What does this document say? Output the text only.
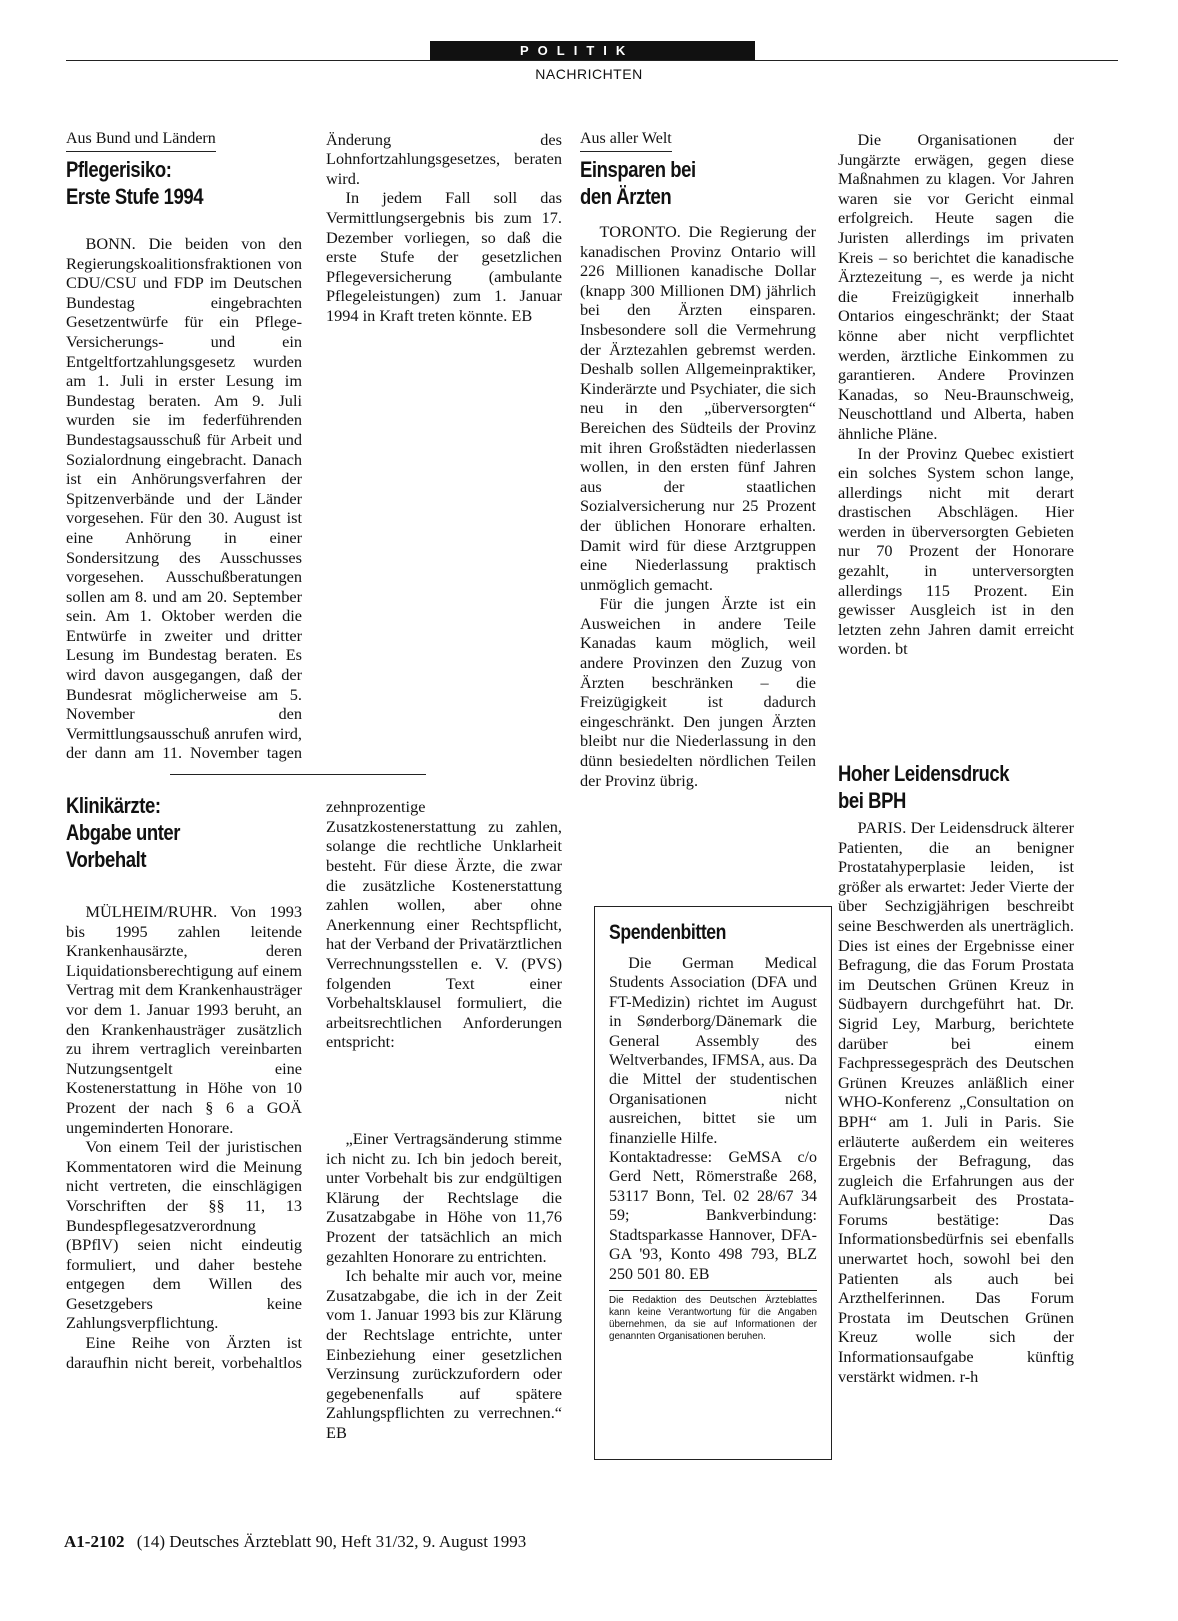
POLITIK
NACHRICHTEN
Aus Bund und Ländern
Pflegerisiko:
Erste Stufe 1994

BONN. Die beiden von den Regierungskoalitionsfraktionen von CDU/CSU und FDP im Deutschen Bundestag eingebrachten Gesetzentwürfe für ein Pflege-Versicherungs- und ein Entgeltfortzahlungsgesetz wurden am 1. Juli in erster Lesung im Bundestag beraten. Am 9. Juli wurden sie im federführenden Bundestagsausschuß für Arbeit und Sozialordnung eingebracht. Danach ist ein Anhörungsverfahren der Spitzenverbände und der Länder vorgesehen. Für den 30. August ist eine Anhörung in einer Sondersitzung des Ausschusses vorgesehen. Ausschußberatungen sollen am 8. und am 20. September sein. Am 1. Oktober werden die Entwürfe in zweiter und dritter Lesung im Bundestag beraten. Es wird davon ausgegangen, daß der Bundesrat möglicherweise am 5. November den Vermittlungsausschuß anrufen wird, der dann am 11. November tagen

Änderung des Lohnfortzahlungsgesetzes, beraten wird.

In jedem Fall soll das Vermittlungsergebnis bis zum 17. Dezember vorliegen, so daß die erste Stufe der gesetzlichen Pflegeversicherung (ambulante Pflegeleistungen) zum 1. Januar 1994 in Kraft treten könnte. EB

Klinikärzte:
Abgabe unter
Vorbehalt

MÜLHEIM/RUHR. Von 1993 bis 1995 zahlen leitende Krankenhausärzte, deren Liquidationsberechtigung auf einem Vertrag mit dem Krankenhausträger vor dem 1. Januar 1993 beruht, an den Krankenhausträger zusätzlich zu ihrem vertraglich vereinbarten Nutzungsentgelt eine Kostenerstattung in Höhe von 10 Prozent der nach § 6 a GOÄ ungeminderten Honorare.

Von einem Teil der juristischen Kommentatoren wird die Meinung nicht vertreten, die einschlägigen Vorschriften der §§ 11, 13 Bundespflegesatzverordnung (BPflV) seien nicht eindeutig formuliert, und daher bestehe entgegen dem Willen des Gesetzgebers keine Zahlungsverpflichtung.

Eine Reihe von Ärzten ist daraufhin nicht bereit, vorbehaltlos

zehnprozentige Zusatzkostenerstattung zu zahlen, solange die rechtliche Unklarheit besteht. Für diese Ärzte, die zwar die zusätzliche Kostenerstattung zahlen wollen, aber ohne Anerkennung einer Rechtspflicht, hat der Verband der Privatärztlichen Verrechnungsstellen e. V. (PVS) folgenden Text einer Vorbehaltsklausel formuliert, die arbeitsrechtlichen Anforderungen entspricht:

„Einer Vertragsänderung stimme ich nicht zu. Ich bin jedoch bereit, unter Vorbehalt bis zur endgültigen Klärung der Rechtslage die Zusatzabgabe in Höhe von 11,76 Prozent der tatsächlich an mich gezahlten Honorare zu entrichten.

Ich behalte mir auch vor, meine Zusatzabgabe, die ich in der Zeit vom 1. Januar 1993 bis zur Klärung der Rechtslage entrichte, unter Einbeziehung einer gesetzlichen Verzinsung zurückzufordern oder gegebenenfalls auf spätere Zahlungspflichten zu verrechnen.“ EB

Aus aller Welt
Einsparen bei
den Ärzten

TORONTO. Die Regierung der kanadischen Provinz Ontario will 226 Millionen kanadische Dollar (knapp 300 Millionen DM) jährlich bei den Ärzten einsparen. Insbesondere soll die Vermehrung der Ärztezahlen gebremst werden. Deshalb sollen Allgemeinpraktiker, Kinderärzte und Psychiater, die sich neu in den „überversorgten“ Bereichen des Südteils der Provinz mit ihren Großstädten niederlassen wollen, in den ersten fünf Jahren aus der staatlichen Sozialversicherung nur 25 Prozent der üblichen Honorare erhalten. Damit wird für diese Arztgruppen eine Niederlassung praktisch unmöglich gemacht.

Für die jungen Ärzte ist ein Ausweichen in andere Teile Kanadas kaum möglich, weil andere Provinzen den Zuzug von Ärzten beschränken – die Freizügigkeit ist dadurch eingeschränkt. Den jungen Ärzten bleibt nur die Niederlassung in den dünn besiedelten nördlichen Teilen der Provinz übrig.

Die Organisationen der Jungärzte erwägen, gegen diese Maßnahmen zu klagen. Vor Jahren waren sie vor Gericht einmal erfolgreich. Heute sagen die Juristen allerdings im privaten Kreis – so berichtet die kanadische Ärztezeitung –, es werde ja nicht die Freizügigkeit innerhalb Ontarios eingeschränkt; der Staat könne aber nicht verpflichtet werden, ärztliche Einkommen zu garantieren. Andere Provinzen Kanadas, so Neu-Braunschweig, Neuschottland und Alberta, haben ähnliche Pläne.

In der Provinz Quebec existiert ein solches System schon lange, allerdings nicht mit derart drastischen Abschlägen. Hier werden in überversorgten Gebieten nur 70 Prozent der Honorare gezahlt, in unterversorgten allerdings 115 Prozent. Ein gewisser Ausgleich ist in den letzten zehn Jahren damit erreicht worden. bt

Spendenbitten

Die German Medical Students Association (DFA und FT-Medizin) richtet im August in Sønderborg/Dänemark die General Assembly des Weltverbandes, IFMSA, aus. Da die Mittel der studentischen Organisationen nicht ausreichen, bittet sie um finanzielle Hilfe.

Kontaktadresse: GeMSA c/o Gerd Nett, Römerstraße 268, 53117 Bonn, Tel. 02 28/67 34 59; Bankverbindung: Stadtsparkasse Hannover, DFA-GA '93, Konto 498 793, BLZ 250 501 80. EB

Die Redaktion des Deutschen Ärzteblattes kann keine Verantwortung für die Angaben übernehmen, da sie auf Informationen der genannten Organisationen beruhen.
Hoher Leidensdruck
bei BPH

PARIS. Der Leidensdruck älterer Patienten, die an benigner Prostatahyperplasie leiden, ist größer als erwartet: Jeder Vierte der über Sechzigjährigen beschreibt seine Beschwerden als unerträglich. Dies ist eines der Ergebnisse einer Befragung, die das Forum Prostata im Deutschen Grünen Kreuz in Südbayern durchgeführt hat. Dr. Sigrid Ley, Marburg, berichtete darüber bei einem Fachpressegespräch des Deutschen Grünen Kreuzes anläßlich einer WHO-Konferenz „Consultation on BPH“ am 1. Juli in Paris. Sie erläuterte außerdem ein weiteres Ergebnis der Befragung, das zugleich die Erfahrungen aus der Aufklärungsarbeit des Prostata-Forums bestätige: Das Informationsbedürfnis sei ebenfalls unerwartet hoch, sowohl bei den Patienten als auch bei Arzthelferinnen. Das Forum Prostata im Deutschen Grünen Kreuz wolle sich der Informationsaufgabe künftig verstärkt widmen. r-h

A1-2102 (14) Deutsches Ärzteblatt 90, Heft 31/32, 9. August 1993
